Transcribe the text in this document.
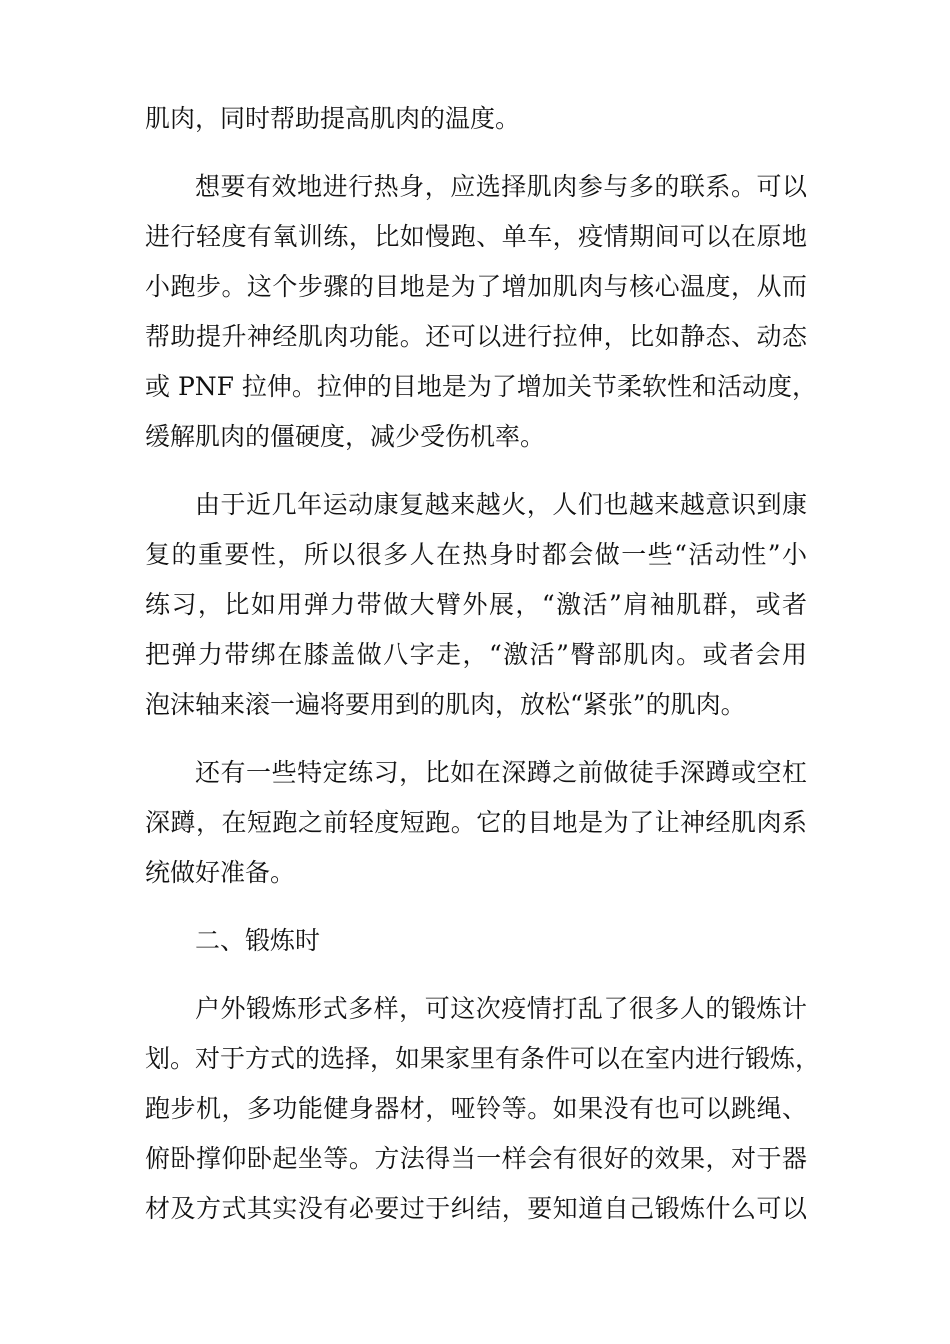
肌肉，同时帮助提高肌肉的温度。

想要有效地进行热身，应选择肌肉参与多的联系。可以
进行轻度有氧训练，比如慢跑、单车，疫情期间可以在原地
小跑步。这个步骤的目地是为了增加肌肉与核心温度，从而
帮助提升神经肌肉功能。还可以进行拉伸，比如静态、动态
或 PNF 拉伸。拉伸的目地是为了增加关节柔软性和活动度，
缓解肌肉的僵硬度，减少受伤机率。

由于近几年运动康复越来越火，人们也越来越意识到康
复的重要性，所以很多人在热身时都会做一些“活动性”小
练习，比如用弹力带做大臂外展，“激活”肩袖肌群，或者
把弹力带绑在膝盖做八字走，“激活”臀部肌肉。或者会用
泡沫轴来滚一遍将要用到的肌肉，放松“紧张”的肌肉。

还有一些特定练习，比如在深蹲之前做徒手深蹲或空杠
深蹲，在短跑之前轻度短跑。它的目地是为了让神经肌肉系
统做好准备。

二、锻炼时

户外锻炼形式多样，可这次疫情打乱了很多人的锻炼计
划。对于方式的选择，如果家里有条件可以在室内进行锻炼，
跑步机，多功能健身器材，哑铃等。如果没有也可以跳绳、
俯卧撑仰卧起坐等。方法得当一样会有很好的效果，对于器
材及方式其实没有必要过于纠结，要知道自己锻炼什么可以
